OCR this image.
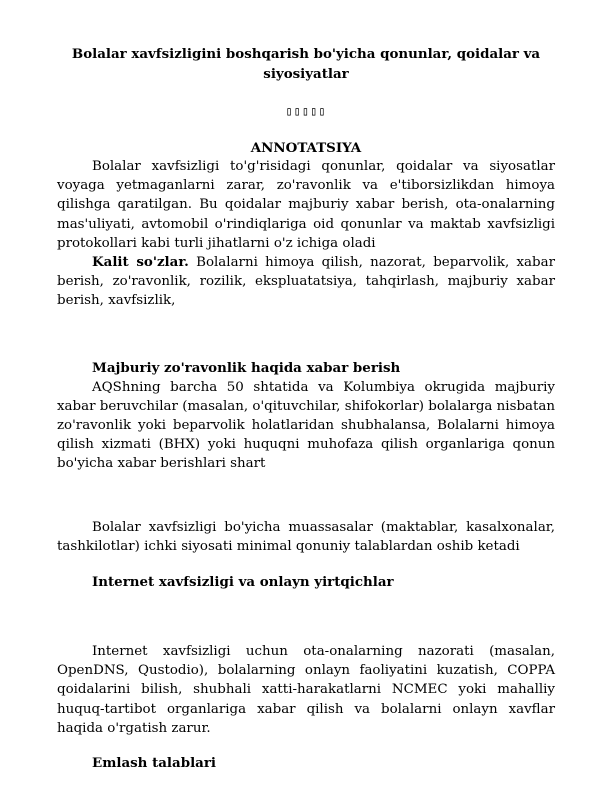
Bolalar xavfsizligini boshqarish bo'yicha qonunlar, qoidalar va siyosiyatlar
▯▯▯▯▯
ANNOTATSIYA

Bolalar xavfsizligi to'g'risidagi qonunlar, qoidalar va siyosatlar voyaga yetmaganlarni zarar, zo'ravonlik va e'tiborsizlikdan himoya qilishga qaratilgan. Bu qoidalar majburiy xabar berish, ota-onalarning mas'uliyati, avtomobil o'rindiqlariga oid qonunlar va maktab xavfsizligi protokollari kabi turli jihatlarni o'z ichiga oladi

Kalit so'zlar. Bolalarni himoya qilish, nazorat, beparvolik, xabar berish, zo'ravonlik, rozilik, ekspluatatsiya, tahqirlash, majburiy xabar berish, xavfsizlik,

Majburiy zo'ravonlik haqida xabar berish

AQShning barcha 50 shtatida va Kolumbiya okrugida majburiy xabar beruvchilar (masalan, o'qituvchilar, shifokorlar) bolalarga nisbatan zo'ravonlik yoki beparvolik holatlaridan shubhalansa, Bolalarni himoya qilish xizmati (BHX) yoki huquqni muhofaza qilish organlariga qonun bo'yicha xabar berishlari shart

Bolalar xavfsizligi bo'yicha muassasalar (maktablar, kasalxonalar, tashkilotlar) ichki siyosati minimal qonuniy talablardan oshib ketadi

Internet xavfsizligi va onlayn yirtqichlar

Internet xavfsizligi uchun ota-onalarning nazorati (masalan, OpenDNS, Qustodio), bolalarning onlayn faoliyatini kuzatish, COPPA qoidalarini bilish, shubhali xatti-harakatlarni NCMEC yoki mahalliy huquq-tartibot organlariga xabar qilish va bolalarni onlayn xavflar haqida o'rgatish zarur.

Emlash talablari
